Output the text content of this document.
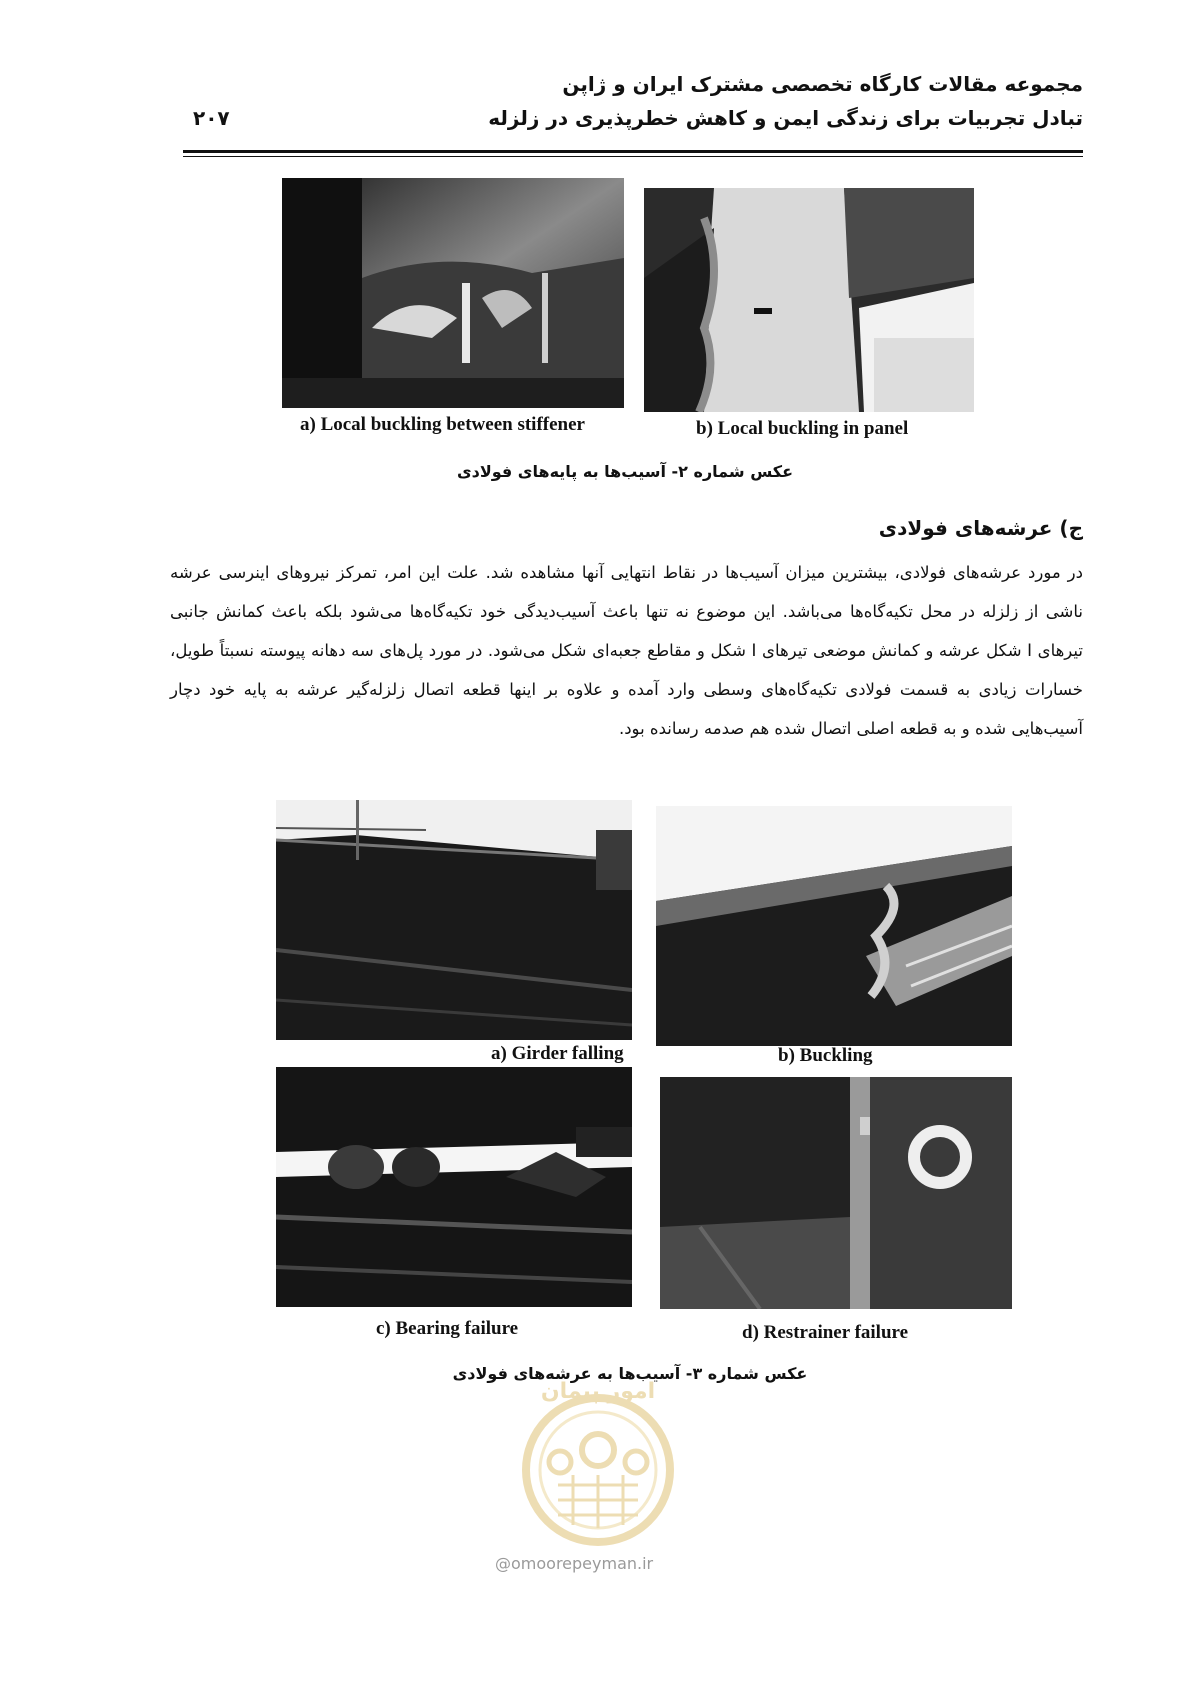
مجموعه مقالات کارگاه تخصصی مشترک ایران و ژاپن
تبادل تجربیات برای زندگی ایمن و کاهش خطرپذیری در زلزله
۲۰۷
a) Local buckling between stiffener	b) Local buckling in panel
عکس شماره ۲- آسیب‌ها به پایه‌های فولادی
ج) عرشه‌های فولادی
در مورد عرشه‌های فولادی، بیشترین میزان آسیب‌ها در نقاط انتهایی آنها مشاهده شد. علت این امر، تمرکز نیروهای اینرسی عرشه ناشی از زلزله در محل تکیه‌گاه‌ها می‌باشد. این موضوع نه تنها باعث آسیب‌دیدگی خود تکیه‌گاه‌ها می‌شود بلکه باعث کمانش جانبی تیرهای I شکل عرشه و کمانش موضعی تیرهای I شکل و مقاطع جعبه‌ای شکل می‌شود. در مورد پل‌های سه دهانه پیوسته نسبتاً طویل، خسارات زیادی به قسمت فولادی تکیه‌گاه‌های وسطی وارد آمده و علاوه بر اینها قطعه اتصال زلزله‌گیر عرشه به پایه خود دچار آسیب‌هایی شده و به قطعه اصلی اتصال شده هم صدمه رسانده بود.
a) Girder falling	b) Buckling
c) Bearing failure	d) Restrainer failure
عکس شماره ۳- آسیب‌ها به عرشه‌های فولادی
امور پیمان
@omoorepeyman.ir
